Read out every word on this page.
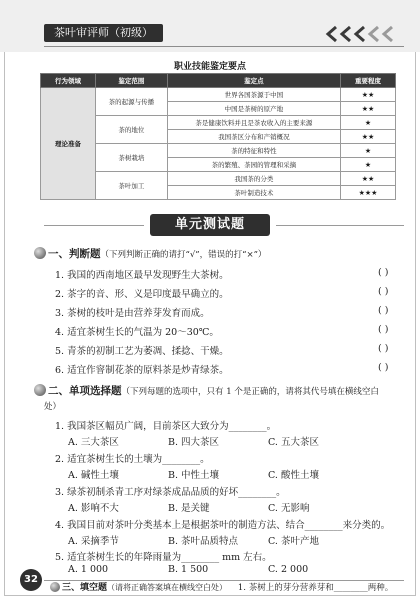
茶叶审评师（初级）
职业技能鉴定要点
行为领域	鉴定范围	鉴定点	重要程度
理论准备	茶的起源与传播	世界各国茶源于中国	★★
		中国是茶树的原产地	★★
	茶的地位	茶是健康饮料并且是茶农收入的主要来源	★
		我国茶区分布和产销概况	★★
	茶树栽培	茶的特征和特性	★
		茶的繁殖、茶园的管理和采摘	★
	茶叶加工	我国茶的分类	★★
		茶叶制造技术	★★★
单元测试题
一、判断题（下列判断正确的请打“√”，错误的打“×”）
1. 我国的西南地区最早发现野生大茶树。	( )
2. 茶字的音、形、义是印度最早确立的。	( )
3. 茶树的枝叶是由营养芽发育而成。	( )
4. 适宜茶树生长的气温为 20～30℃。	( )
5. 青茶的初制工艺为萎凋、揉捻、干燥。	( )
6. 适宜作窨制花茶的原料茶是炒青绿茶。	( )
二、单项选择题（下列每题的选项中，只有 1 个是正确的，请将其代号填在横线空白
处）
1. 我国茶区幅员广阔，目前茶区大致分为________。
A. 三大茶区	B. 四大茶区	C. 五大茶区
2. 适宜茶树生长的土壤为________。
A. 碱性土壤	B. 中性土壤	C. 酸性土壤
3. 绿茶初制杀青工序对绿茶成品品质的好坏________。
A. 影响不大	B. 是关键	C. 无影响
4. 我国目前对茶叶分类基本上是根据茶叶的制造方法、结合________来分类的。
A. 采摘季节	B. 茶叶品质特点	C. 茶叶产地
5. 适宜茶树生长的年降雨量为________ mm 左右。
A. 1 000	B. 1 500	C. 2 000
32
三、填空题（请将正确答案填在横线空白处） 1. 茶树上的芽分营养芽和________两种。
